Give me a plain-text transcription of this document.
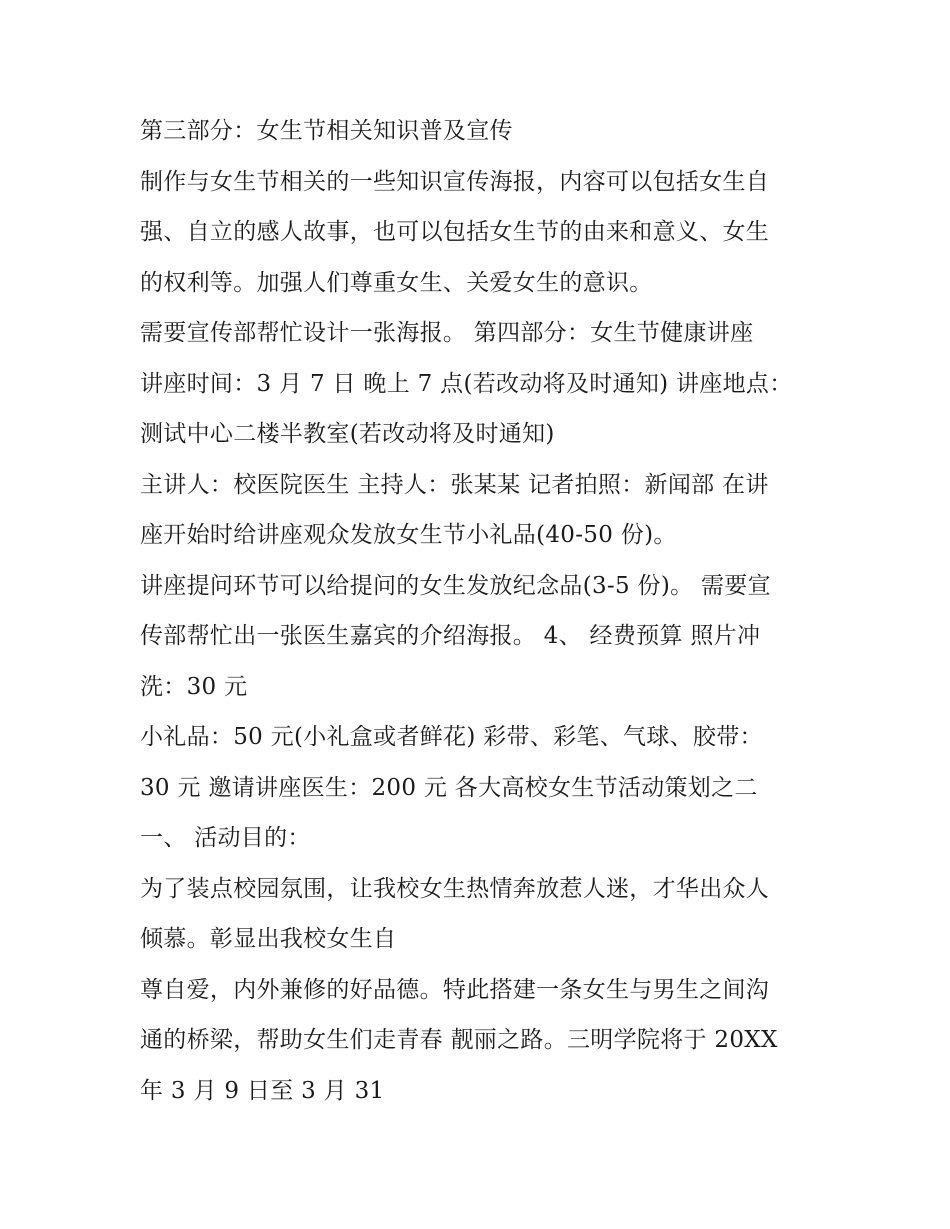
第三部分：女生节相关知识普及宣传
制作与女生节相关的一些知识宣传海报，内容可以包括女生自
强、自立的感人故事，也可以包括女生节的由来和意义、女生
的权利等。加强人们尊重女生、关爱女生的意识。
需要宣传部帮忙设计一张海报。 第四部分：女生节健康讲座
讲座时间：3 月 7 日 晚上 7 点(若改动将及时通知) 讲座地点：
测试中心二楼半教室(若改动将及时通知)
主讲人：校医院医生 主持人：张某某 记者拍照：新闻部 在讲
座开始时给讲座观众发放女生节小礼品(40-50 份)。
讲座提问环节可以给提问的女生发放纪念品(3-5 份)。 需要宣
传部帮忙出一张医生嘉宾的介绍海报。 4、 经费预算 照片冲
洗：30 元
小礼品：50 元(小礼盒或者鲜花) 彩带、彩笔、气球、胶带：
30 元 邀请讲座医生：200 元 各大高校女生节活动策划之二
一、 活动目的：
为了装点校园氛围，让我校女生热情奔放惹人迷，才华出众人
倾慕。彰显出我校女生自
尊自爱，内外兼修的好品德。特此搭建一条女生与男生之间沟
通的桥梁，帮助女生们走青春 靓丽之路。三明学院将于 20XX
年 3 月 9 日至 3 月 31
